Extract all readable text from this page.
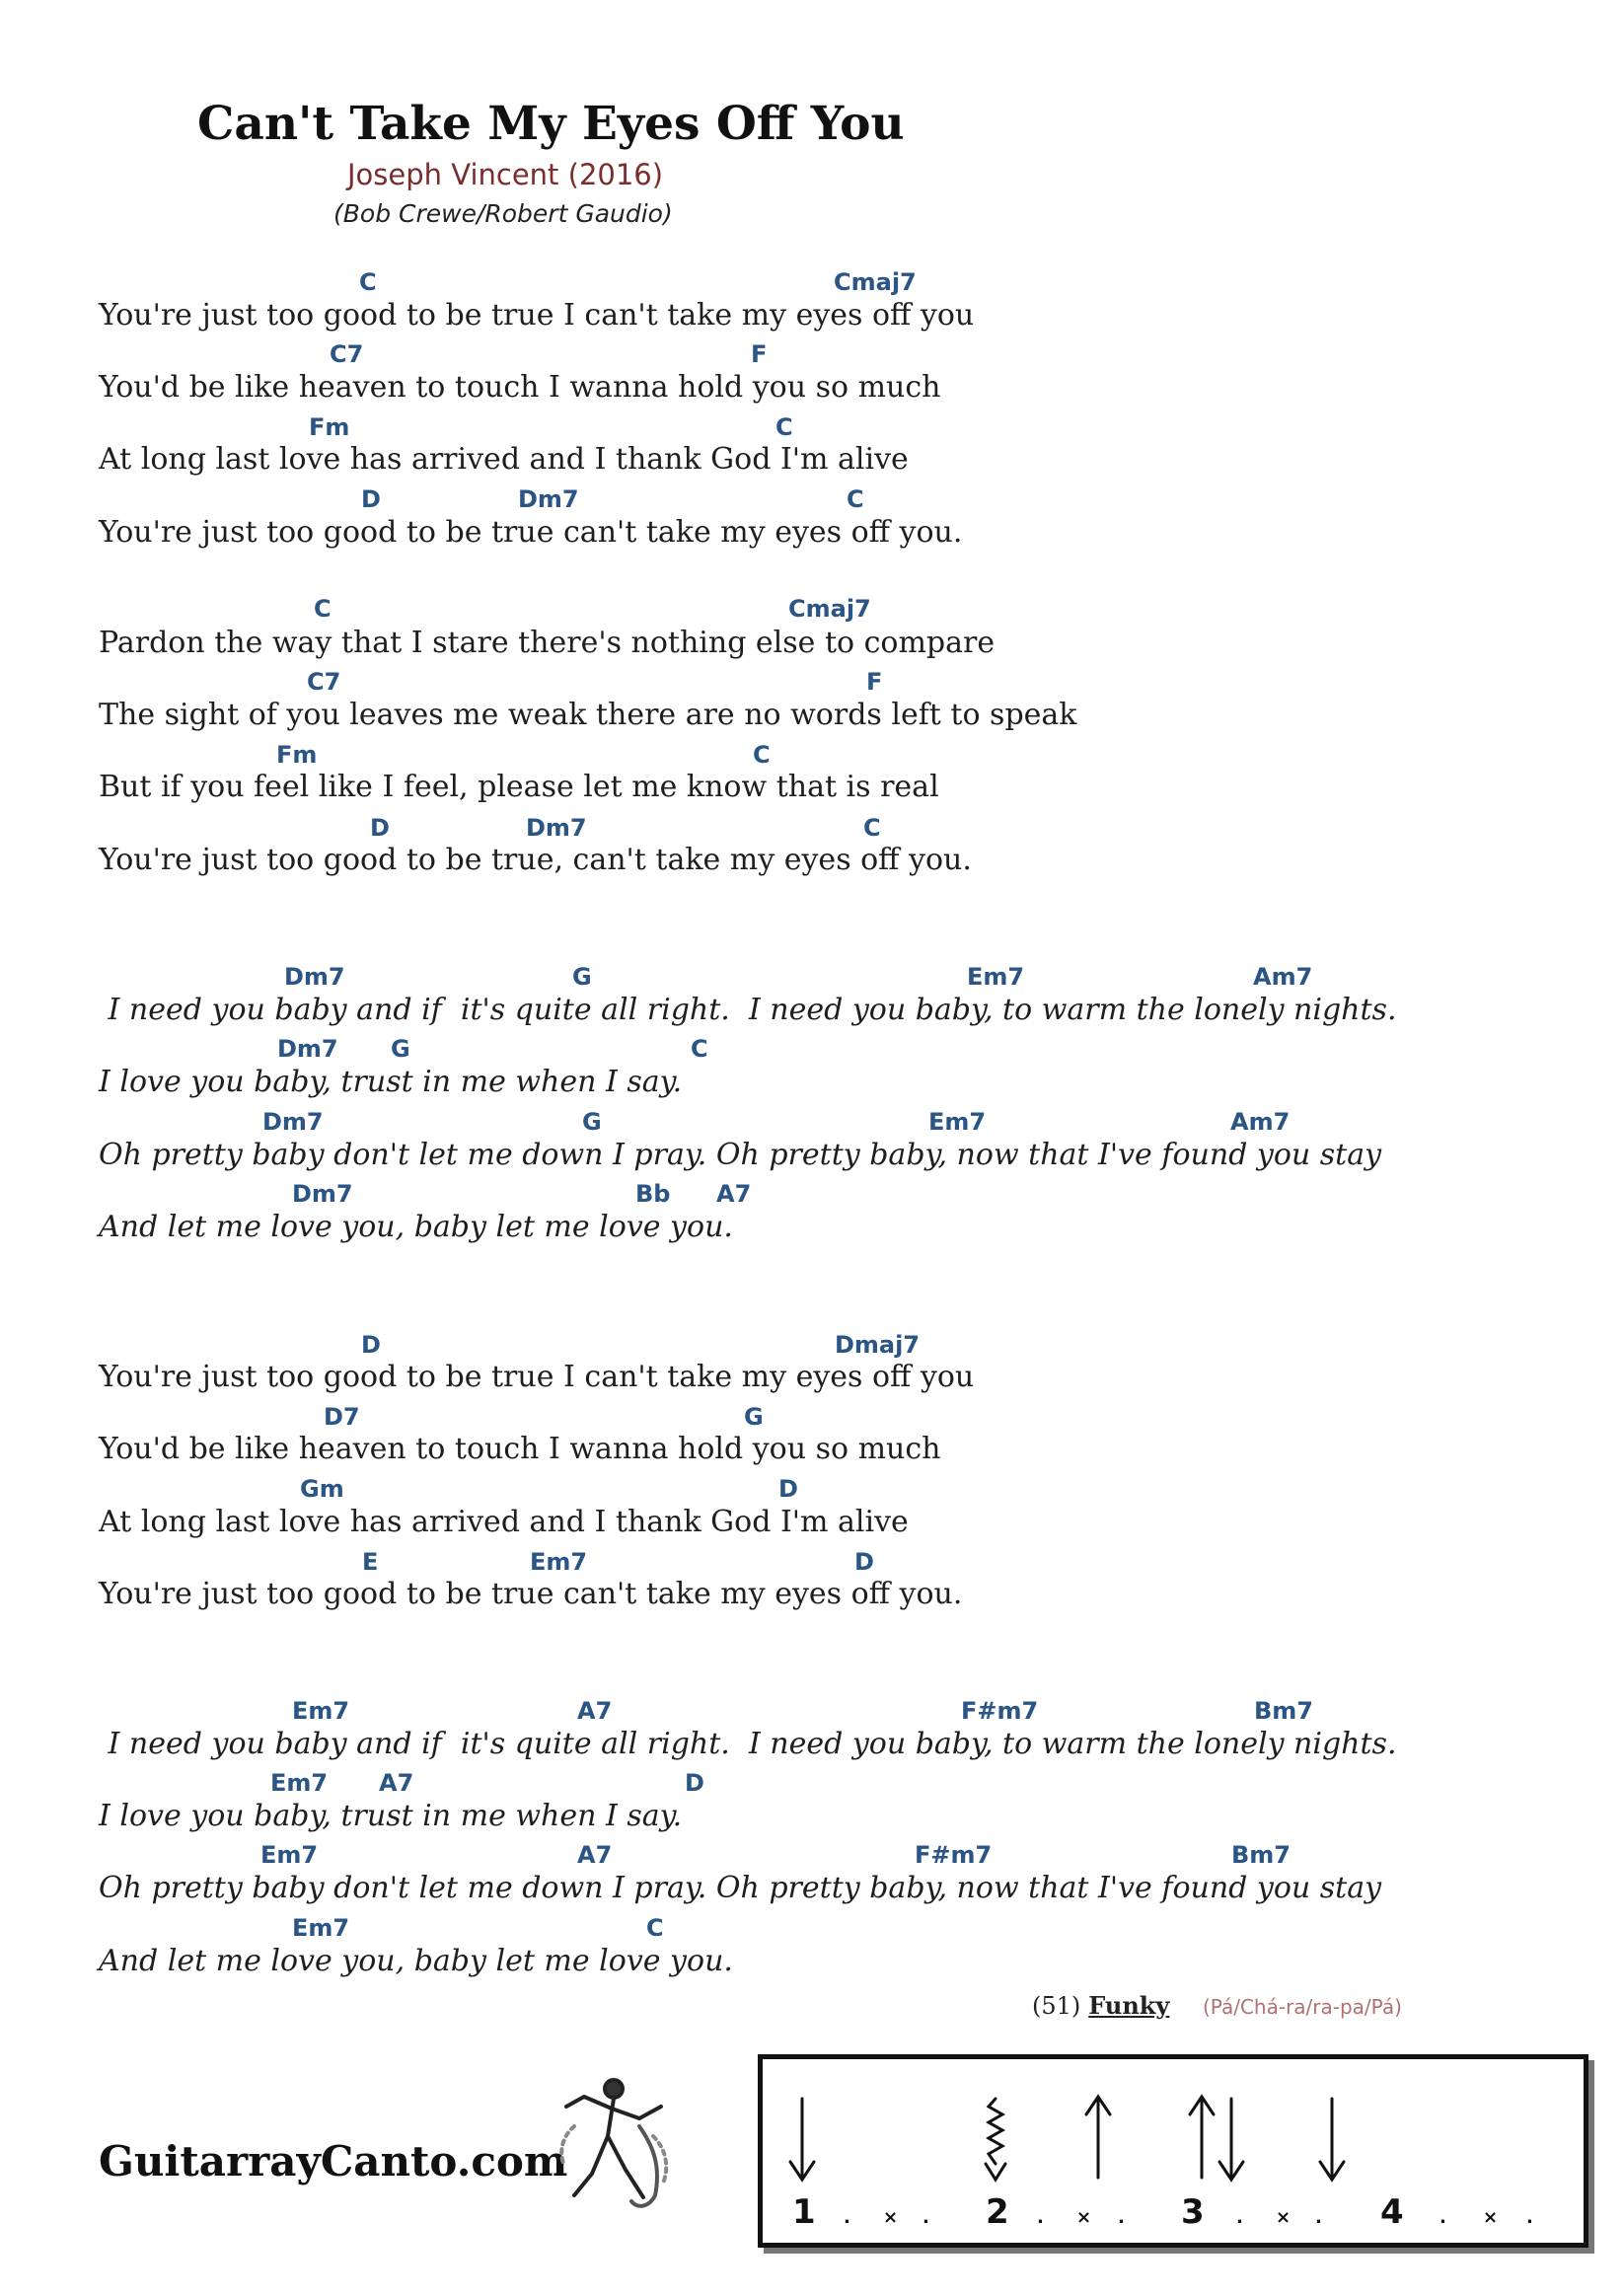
Can't Take My Eyes Off You
Joseph Vincent (2016)
(Bob Crewe/Robert Gaudio)
C	Cmaj7
You're just too good to be true I can't take my eyes off you
C7	F
You'd be like heaven to touch I wanna hold you so much
Fm	C
At long last love has arrived and I thank God I'm alive
D	Dm7	C
You're just too good to be true can't take my eyes off you.
C	Cmaj7
Pardon the way that I stare there's nothing else to compare
C7	F
The sight of you leaves me weak there are no words left to speak
Fm	C
But if you feel like I feel, please let me know that is real
D	Dm7	C
You're just too good to be true, can't take my eyes off you.
Dm7	G	Em7	Am7
I need you baby and if  it's quite all right.  I need you baby, to warm the lonely nights.
Dm7 G	C
I love you baby, trust in me when I say.
Dm7	G	Em7	Am7
Oh pretty baby don't let me down I pray. Oh pretty baby, now that I've found you stay
Dm7	Bb A7
And let me love you, baby let me love you.
D	Dmaj7
You're just too good to be true I can't take my eyes off you
D7	G
You'd be like heaven to touch I wanna hold you so much
Gm	D
At long last love has arrived and I thank God I'm alive
E	Em7	D
You're just too good to be true can't take my eyes off you.
Em7	A7	F#m7	Bm7
I need you baby and if  it's quite all right.  I need you baby, to warm the lonely nights.
Em7 A7	D
I love you baby, trust in me when I say.
Em7	A7	F#m7	Bm7
Oh pretty baby don't let me down I pray. Oh pretty baby, now that I've found you stay
Em7	C
And let me love you, baby let me love you.
(51) Funky (Pá/Chá-ra/ra-pa/Pá)
GuitarrayCanto.com
1 . × . 2 . × . 3 . × . 4 . × .
